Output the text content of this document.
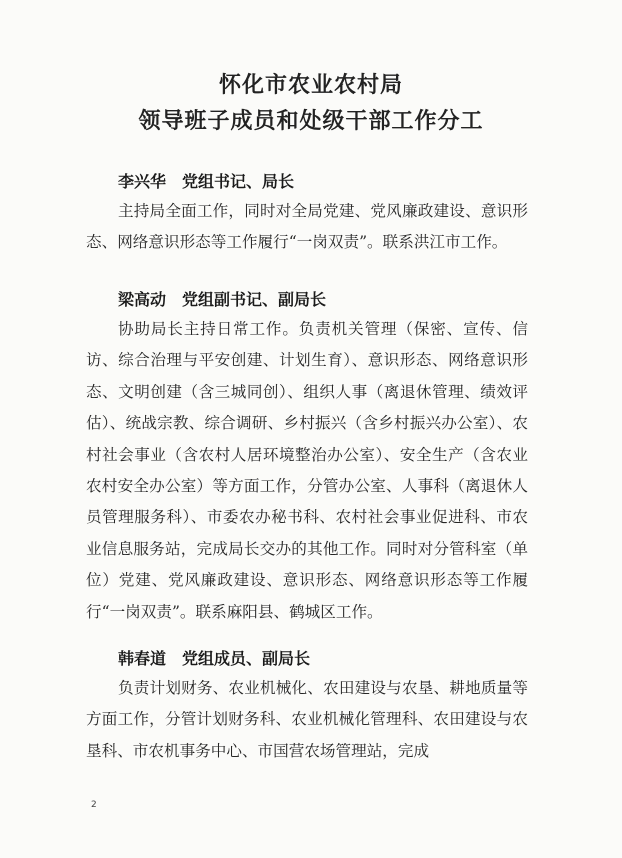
怀化市农业农村局
领导班子成员和处级干部工作分工
李兴华 党组书记、局长

主持局全面工作，同时对全局党建、党风廉政建设、意识形态、网络意识形态等工作履行“一岗双责”。联系洪江市工作。

梁高动 党组副书记、副局长

协助局长主持日常工作。负责机关管理（保密、宣传、信访、综合治理与平安创建、计划生育）、意识形态、网络意识形态、文明创建（含三城同创）、组织人事（离退休管理、绩效评估）、统战宗教、综合调研、乡村振兴（含乡村振兴办公室）、农村社会事业（含农村人居环境整治办公室）、安全生产（含农业农村安全办公室）等方面工作，分管办公室、人事科（离退休人员管理服务科）、市委农办秘书科、农村社会事业促进科、市农业信息服务站，完成局长交办的其他工作。同时对分管科室（单位）党建、党风廉政建设、意识形态、网络意识形态等工作履行“一岗双责”。联系麻阳县、鹤城区工作。

韩春道 党组成员、副局长

负责计划财务、农业机械化、农田建设与农垦、耕地质量等方面工作，分管计划财务科、农业机械化管理科、农田建设与农垦科、市农机事务中心、市国营农场管理站，完成

2
